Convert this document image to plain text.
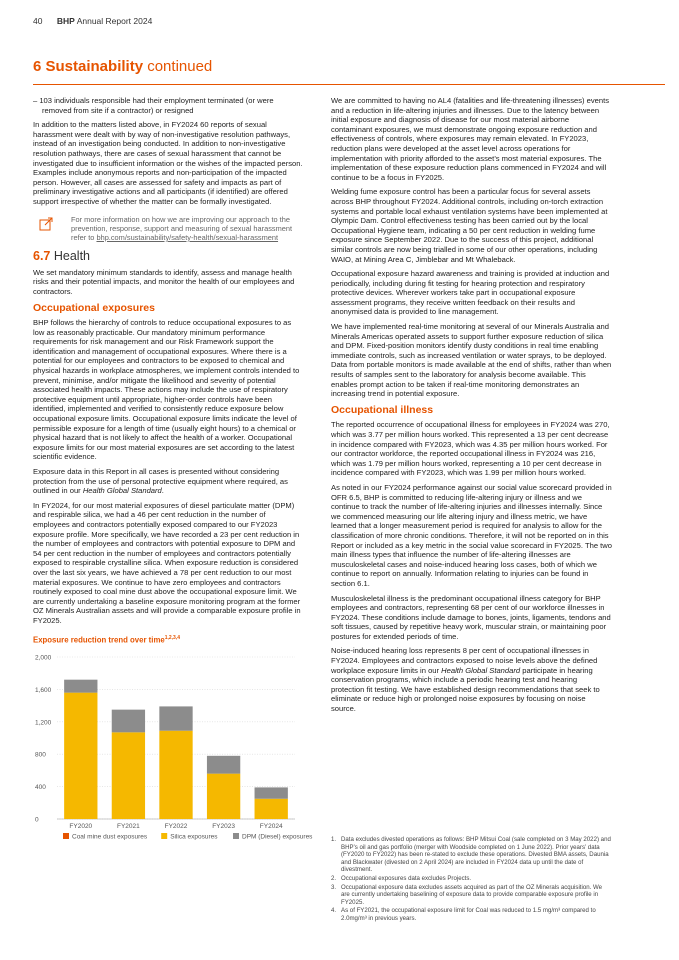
40 BHP Annual Report 2024
6 Sustainability continued

– 103 individuals responsible had their employment terminated (or were removed from site if a contractor) or resigned

In addition to the matters listed above, in FY2024 60 reports of sexual harassment were dealt with by way of non-investigative resolution pathways, instead of an investigation being conducted. In addition to non-investigative resolution pathways, there are cases of sexual harassment that cannot be investigated due to insufficient information or the wishes of the impacted person. Examples include anonymous reports and non-participation of the impacted person. However, all cases are assessed for safety and impacts as part of preliminary investigative actions and all participants (if identified) are offered support irrespective of whether the matter can be formally investigated.

For more information on how we are improving our approach to the prevention, response, support and measuring of sexual harassment refer to bhp.com/sustainability/safety-health/sexual-harassment
6.7 Health

We set mandatory minimum standards to identify, assess and manage health risks and their potential impacts, and monitor the health of our employees and contractors.

Occupational exposures

BHP follows the hierarchy of controls to reduce occupational exposures to as low as reasonably practicable. Our mandatory minimum performance requirements for risk management and our Risk Framework support the identification and management of occupational exposures. Where there is a potential for our employees and contractors to be exposed to chemical and physical hazards in workplace atmospheres, we implement controls intended to prevent, minimise, and/or mitigate the likelihood and severity of potential associated health impacts. These actions may include the use of respiratory protective equipment until appropriate, higher-order controls have been identified, implemented and verified to consistently reduce exposure below occupational exposure limits. Occupational exposure limits indicate the level of permissible exposure for a length of time (usually eight hours) to a chemical or physical hazard that is not likely to affect the health of a worker. Occupational exposure limits for our most material exposures are set according to the latest scientific evidence.

Exposure data in this Report in all cases is presented without considering protection from the use of personal protective equipment where required, as outlined in our Health Global Standard.

In FY2024, for our most material exposures of diesel particulate matter (DPM) and respirable silica, we had a 46 per cent reduction in the number of employees and contractors potentially exposed compared to our FY2023 exposure profile. More specifically, we have recorded a 23 per cent reduction in the number of employees and contractors with potential exposure to DPM and 54 per cent reduction in the number of employees and contractors potentially exposed to respirable crystalline silica. When exposure reduction is considered over the last six years, we have achieved a 78 per cent reduction to our most material exposures. We continue to have zero employees and contractors routinely exposed to coal mine dust above the occupational exposure limit. We are currently undertaking a baseline exposure monitoring program at the former OZ Minerals Australian assets and will provide a comparable exposure profile in FY2025.

Exposure reduction trend over time$^{1,2,3,4}$
0
400
800
1,200
1,600
2,000
FY2020	FY2021	FY2022	FY2023	FY2024
Coal mine dust exposures	Silica exposures	DPM (Diesel) exposures

We are committed to having no AL4 (fatalities and life-threatening illnesses) events and a reduction in life-altering injuries and illnesses. Due to the latency between initial exposure and diagnosis of disease for our most material airborne contaminant exposures, we must demonstrate ongoing exposure reduction and effectiveness of controls, where exposures may remain elevated. In FY2023, reduction plans were developed at the asset level across operations for implementation with priority afforded to the asset’s most material exposures. The implementation of these exposure reduction plans commenced in FY2024 and will continue to be a focus in FY2025.

Welding fume exposure control has been a particular focus for several assets across BHP throughout FY2024. Additional controls, including on-torch extraction systems and portable local exhaust ventilation systems have been implemented at Olympic Dam. Control effectiveness testing has been carried out by the local Occupational Hygiene team, indicating a 50 per cent reduction in welding fume exposure since September 2022. Due to the success of this project, additional similar controls are now being trialled in some of our other operations, including WAIO, at Mining Area C, Jimblebar and Mt Whaleback.

Occupational exposure hazard awareness and training is provided at induction and periodically, including during fit testing for hearing protection and respiratory protective devices. Wherever workers take part in occupational exposure assessment programs, they receive written feedback on their results and anonymised data is provided to line management.

We have implemented real-time monitoring at several of our Minerals Australia and Minerals Americas operated assets to support further exposure reduction of silica and DPM. Fixed-position monitors identify dusty conditions in real time enabling immediate controls, such as increased ventilation or water sprays, to be deployed. Data from portable monitors is made available at the end of shifts, rather than when results of samples sent to the laboratory for analysis become available. This enables prompt action to be taken if real-time monitoring demonstrates an increasing trend in potential exposure.

Occupational illness

The reported occurrence of occupational illness for employees in FY2024 was 270, which was 3.77 per million hours worked. This represented a 13 per cent decrease in incidence compared with FY2023, which was 4.35 per million hours worked. For our contractor workforce, the reported occupational illness in FY2024 was 216, which was 1.79 per million hours worked, representing a 10 per cent decrease in incidence compared with FY2023, which was 1.99 per million hours worked.

As noted in our FY2024 performance against our social value scorecard provided in OFR 6.5, BHP is committed to reducing life-altering injury or illness and we continue to track the number of life-altering injuries and illnesses internally. Since we commenced measuring our life altering injury and illness metric, we have learned that a longer measurement period is required for analysis to allow for the classification of more chronic conditions. Therefore, it will not be reported on in this Report or included as a key metric in the social value scorecard in FY2025. The two main illness types that influence the number of life-altering illnesses are musculoskeletal cases and noise-induced hearing loss cases, both of which we continue to report on annually. Information relating to injuries can be found in section 6.1.

Musculoskeletal illness is the predominant occupational illness category for BHP employees and contractors, representing 68 per cent of our workforce illnesses in FY2024. These conditions include damage to bones, joints, ligaments, tendons and soft tissues, caused by repetitive heavy work, muscular strain, or maintaining poor postures for extended periods of time.

Noise-induced hearing loss represents 8 per cent of occupational illnesses in FY2024. Employees and contractors exposed to noise levels above the defined workplace exposure limits in our Health Global Standard participate in hearing conservation programs, which include a periodic hearing test and hearing protection fit testing. We have established design recommendations that seek to eliminate or reduce high or prolonged noise exposures by focusing on noise source.

1. Data excludes divested operations as follows: BHP Mitsui Coal (sale completed on 3 May 2022) and BHP’s oil and gas portfolio (merger with Woodside completed on 1 June 2022). Prior years’ data (FY2020 to FY2022) has been re-stated to exclude these operations. Divested BMA assets, Daunia and Blackwater (divested on 2 April 2024) are included in FY2024 data up until the date of divestment.
2. Occupational exposures data excludes Projects.
3. Occupational exposure data excludes assets acquired as part of the OZ Minerals acquisition. We are currently undertaking baselining of exposure data to provide comparable exposure profile in FY2025.
4. As of FY2021, the occupational exposure limit for Coal was reduced to 1.5 mg/m³ compared to 2.0mg/m³ in previous years.
